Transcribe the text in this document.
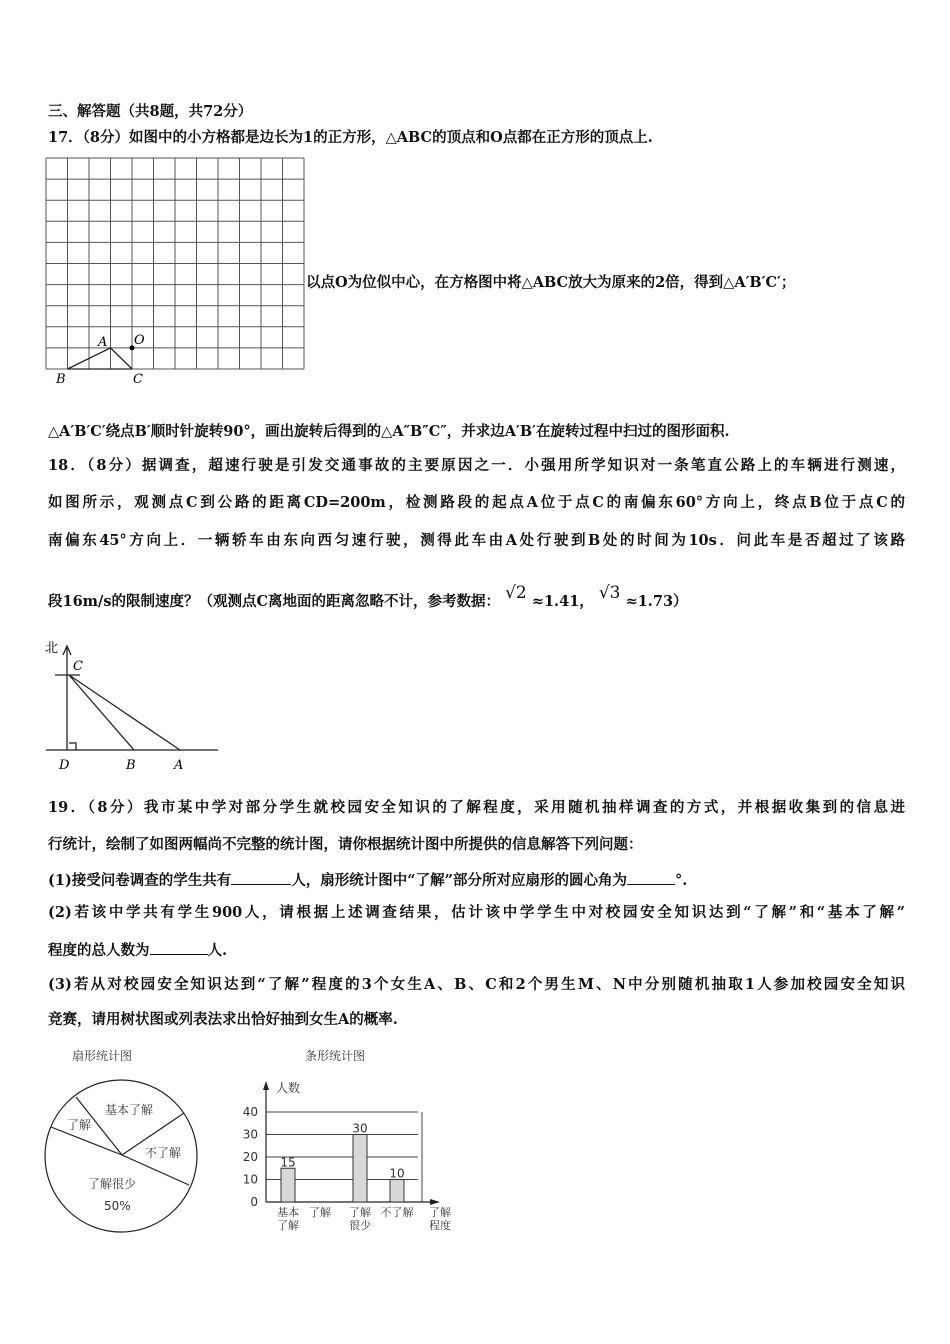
三、解答题（共8题，共72分）
17．（8分）如图中的小方格都是边长为1的正方形，△ABC的顶点和O点都在正方形的顶点上.
A O
B	C
北
C
D	B	A
扇形统计图
了解
基本了解
不了解
了解很少
50%
条形统计图
0
10
20
30
40
15
基本
了解
了解
30
了解
很少
10
不了解 了解
程度
人数
以点O为位似中心，在方格图中将△ABC放大为原来的2倍，得到△A′B′C′；
△A′B′C′绕点B′顺时针旋转90°，画出旋转后得到的△A″B″C″，并求边A′B′在旋转过程中扫过的图形面积.
18．（8分）据调查，超速行驶是引发交通事故的主要原因之一．小强用所学知识对一条笔直公路上的车辆进行测速，
如图所示，观测点C到公路的距离CD=200m，检测路段的起点A位于点C的南偏东60°方向上，终点B位于点C的
南偏东45°方向上．一辆轿车由东向西匀速行驶，测得此车由A处行驶到B处的时间为10s．问此车是否超过了该路
段16m/s的限制速度？（观测点C离地面的距离忽略不计，参考数据： √2 ≈1.41， √3 ≈1.73）
19．（8分）我市某中学对部分学生就校园安全知识的了解程度，采用随机抽样调查的方式，并根据收集到的信息进
行统计，绘制了如图两幅尚不完整的统计图，请你根据统计图中所提供的信息解答下列问题：
(1)接受问卷调查的学生共有	人，扇形统计图中“了解”部分所对应扇形的圆心角为	°.
(2)若该中学共有学生900人，请根据上述调查结果，估计该中学学生中对校园安全知识达到“了解”和“基本了解”
程度的总人数为	人.
(3)若从对校园安全知识达到“了解”程度的3个女生A、B、C和2个男生M、N中分别随机抽取1人参加校园安全知识
竞赛，请用树状图或列表法求出恰好抽到女生A的概率.
